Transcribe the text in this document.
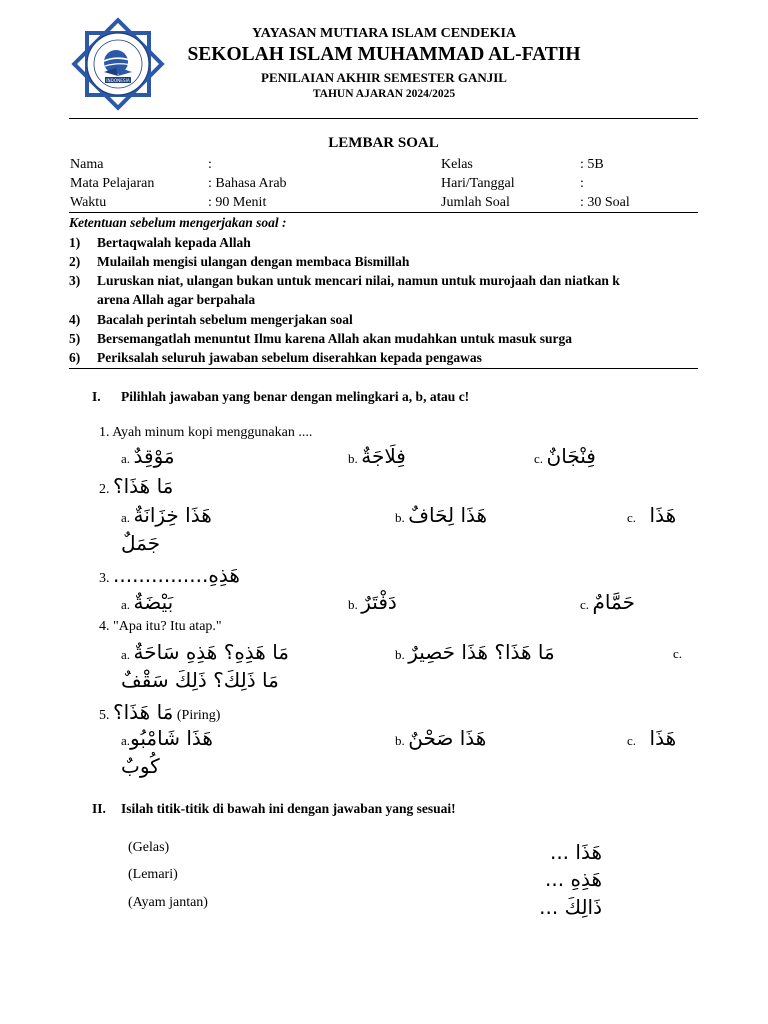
INDONESIA
YAYASAN MUTIARA ISLAM CENDEKIA
SEKOLAH ISLAM MUHAMMAD AL-FATIH
PENILAIAN AKHIR SEMESTER GANJIL
TAHUN AJARAN 2024/2025
LEMBAR SOAL
Nama	:	Kelas	: 5B
Mata Pelajaran	: Bahasa Arab	Hari/Tanggal	:
Waktu	: 90 Menit	Jumlah Soal	: 30 Soal
Ketentuan sebelum mengerjakan soal :
1) Bertaqwalah kepada Allah
2) Mulailah mengisi ulangan dengan membaca Bismillah
3) Luruskan niat, ulangan bukan untuk mencari nilai, namun untuk murojaah dan niatkan k
arena Allah agar berpahala
4) Bacalah perintah sebelum mengerjakan soal
5) Bersemangatlah menuntut Ilmu karena Allah akan mudahkan untuk masuk surga
6) Periksalah seluruh jawaban sebelum diserahkan kepada pengawas
I. Pilihlah jawaban yang benar dengan melingkari a, b, atau c!
1. Ayah minum kopi menggunakan ....
a. مَوْقِدٌ	b. فِلَاجَةٌ	c. فِنْجَانٌ
2. مَا هَذَا؟
a. هَذَا خِزَانَةٌ	b. هَذَا لِحَافٌ	c. هَذَا
جَمَلٌ
3. هَذِهِ...............
a. بَيْضَةٌ	b. دَفْتَرٌ	c. حَمَّامٌ
4. "Apa itu? Itu atap."
a. مَا هَذِهِ؟ هَذِهِ سَاحَةٌ	b. مَا هَذَا؟ هَذَا حَصِيرٌ	c.
مَا ذَلِكَ؟ ذَلِكَ سَقْفٌ
5. مَا هَذَا؟ (Piring)
a.هَذَا شَامْبُو	b. هَذَا صَحْنٌ	c. هَذَا
كُوبٌ
II. Isilah titik-titik di bawah ini dengan jawaban yang sesuai!
(Gelas)	هَذَا ...
(Lemari)	هَذِهِ ...
(Ayam jantan)	ذَالِكَ ...
